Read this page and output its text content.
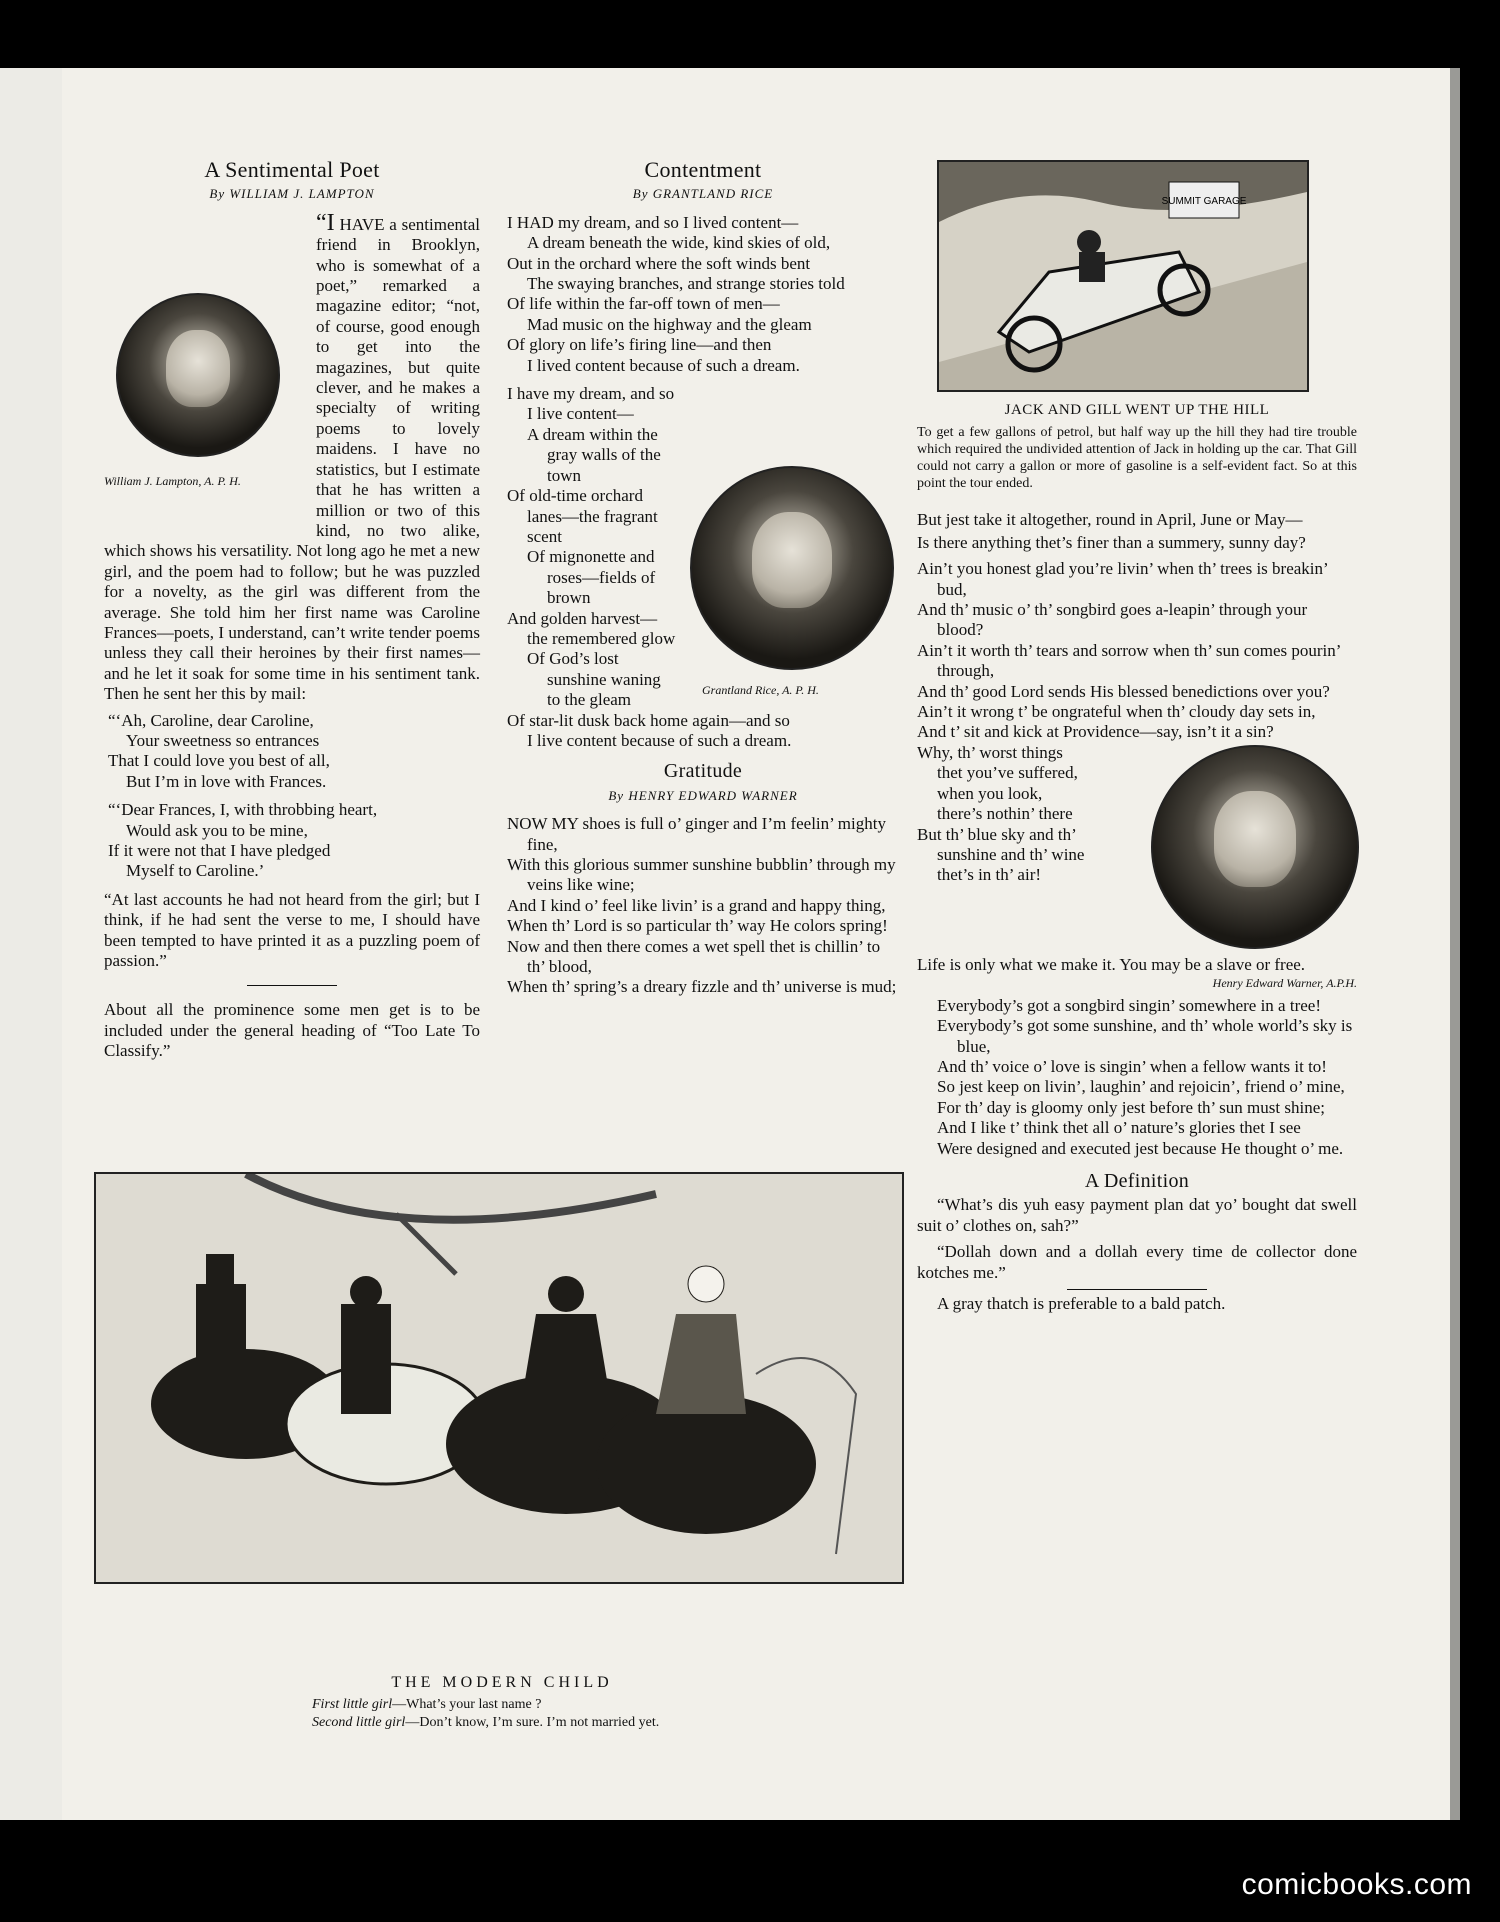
A Sentimental Poet
By WILLIAM J. LAMPTON
William J. Lampton, A. P. H.

“I HAVE a sentimental friend in Brooklyn, who is somewhat of a poet,” remarked a magazine editor; “not, of course, good enough to get into the magazines, but quite clever, and he makes a specialty of writing poems to lovely maidens. I have no statistics, but I estimate that he has written a million or two of this kind, no two alike, which shows his versatility. Not long ago he met a new girl, and the poem had to follow; but he was puzzled for a novelty, as the girl was different from the average. She told him her first name was Caroline Frances—poets, I understand, can’t write tender poems unless they call their heroines by their first names—and he let it soak for some time in his sentiment tank. Then he sent her this by mail:

“‘Ah, Caroline, dear Caroline,

Your sweetness so entrances

That I could love you best of all,

But I’m in love with Frances.

“‘Dear Frances, I, with throbbing heart,

Would ask you to be mine,

If it were not that I have pledged

Myself to Caroline.’

“At last accounts he had not heard from the girl; but I think, if he had sent the verse to me, I should have been tempted to have printed it as a puzzling poem of passion.”

About all the prominence some men get is to be included under the general heading of “Too Late To Classify.”

Contentment
By GRANTLAND RICE

I HAD my dream, and so I lived content—

A dream beneath the wide, kind skies of old,

Out in the orchard where the soft winds bent

The swaying branches, and strange stories told

Of life within the far-off town of men—

Mad music on the highway and the gleam

Of glory on life’s firing line—and then

I lived content because of such a dream.

Grantland Rice, A. P. H.

I have my dream, and so I live content—

A dream within the gray walls of the town

Of old-time orchard lanes—the fragrant scent

Of mignonette and roses—fields of brown

And golden harvest—the remembered glow

Of God’s lost sunshine waning to the gleam

Of star-lit dusk back home again—and so

I live content because of such a dream.

Gratitude
By HENRY EDWARD WARNER

NOW MY shoes is full o’ ginger and I’m feelin’ mighty fine,

With this glorious summer sunshine bubblin’ through my veins like wine;

And I kind o’ feel like livin’ is a grand and happy thing,

When th’ Lord is so particular th’ way He colors spring!

Now and then there comes a wet spell thet is chillin’ to th’ blood,

When th’ spring’s a dreary fizzle and th’ universe is mud;

SUMMIT GARAGE
JACK AND GILL WENT UP THE HILL
To get a few gallons of petrol, but half way up the hill they had tire trouble which required the undivided attention of Jack in holding up the car. That Gill could not carry a gallon or more of gasoline is a self-evident fact. So at this point the tour ended.

But jest take it altogether, round in April, June or May—

Is there anything thet’s finer than a summery, sunny day?

Ain’t you honest glad you’re livin’ when th’ trees is breakin’ bud,

And th’ music o’ th’ songbird goes a-leapin’ through your blood?

Ain’t it worth th’ tears and sorrow when th’ sun comes pourin’ through,

And th’ good Lord sends His blessed benedictions over you?

Ain’t it wrong t’ be ongrateful when th’ cloudy day sets in,

And t’ sit and kick at Providence—say, isn’t it a sin?

Why, th’ worst things thet you’ve suffered, when you look, there’s nothin’ there

But th’ blue sky and th’ sunshine and th’ wine thet’s in th’ air!

Life is only what we make it. You may be a slave or free.

Henry Edward Warner, A.P.H.

Everybody’s got a songbird singin’ somewhere in a tree!

Everybody’s got some sunshine, and th’ whole world’s sky is blue,

And th’ voice o’ love is singin’ when a fellow wants it to!

So jest keep on livin’, laughin’ and rejoicin’, friend o’ mine,

For th’ day is gloomy only jest before th’ sun must shine;

And I like t’ think thet all o’ nature’s glories thet I see

Were designed and executed jest because He thought o’ me.

A Definition

“What’s dis yuh easy payment plan dat yo’ bought dat swell suit o’ clothes on, sah?”

“Dollah down and a dollah every time de collector done kotches me.”

A gray thatch is preferable to a bald patch.

THE MODERN CHILD
First little girl—What’s your last name ?
Second little girl—Don’t know, I’m sure. I’m not married yet.
comicbooks.com
